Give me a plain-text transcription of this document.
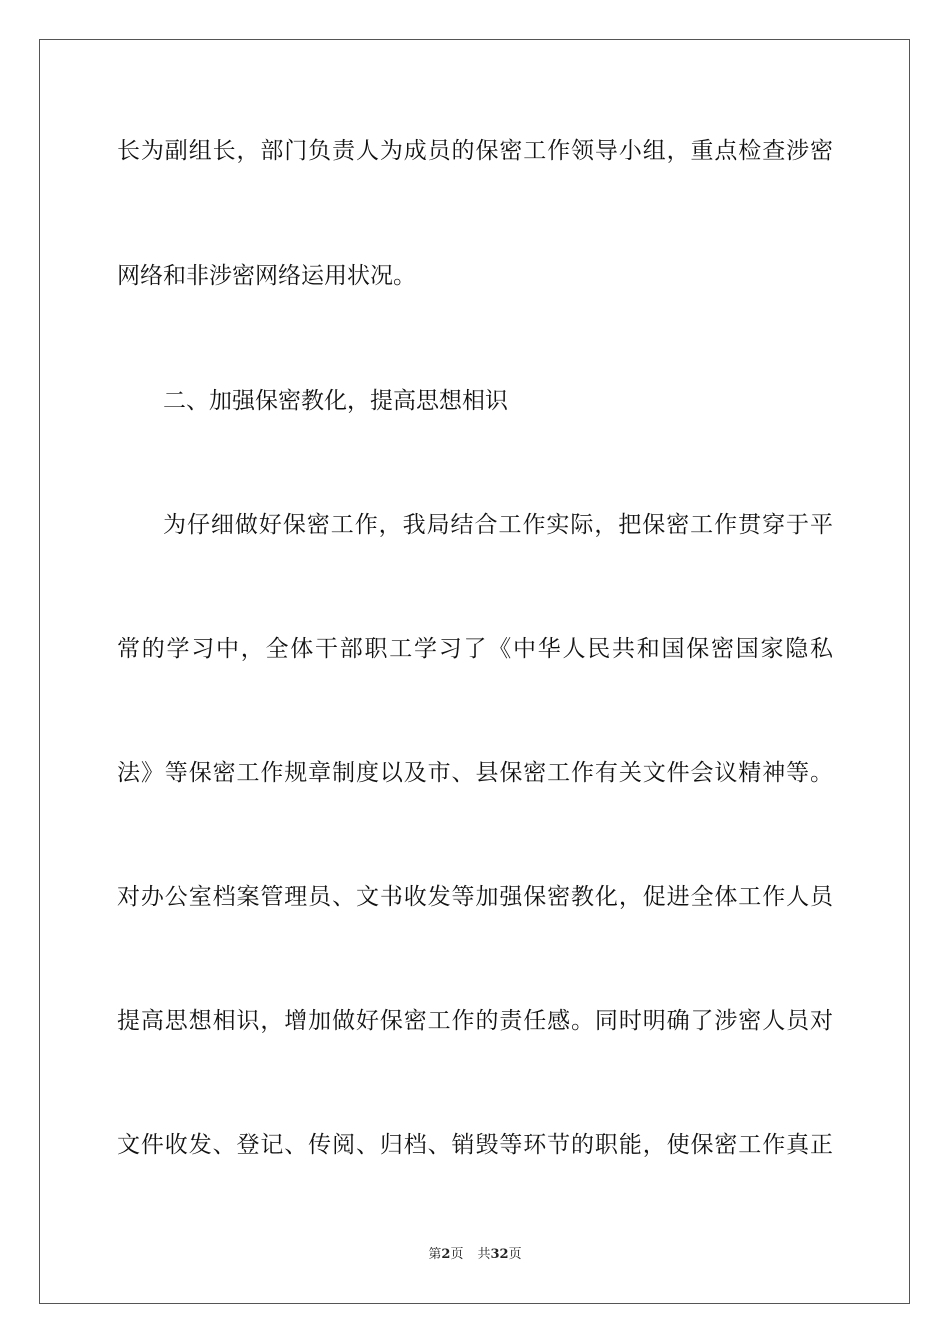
长为副组长，部门负责人为成员的保密工作领导小组，重点检查涉密
网络和非涉密网络运用状况。
二、加强保密教化，提高思想相识
为仔细做好保密工作，我局结合工作实际，把保密工作贯穿于平
常的学习中，全体干部职工学习了《中华人民共和国保密国家隐私
法》等保密工作规章制度以及市、县保密工作有关文件会议精神等。
对办公室档案管理员、文书收发等加强保密教化，促进全体工作人员
提高思想相识，增加做好保密工作的责任感。同时明确了涉密人员对
文件收发、登记、传阅、归档、销毁等环节的职能，使保密工作真正
第2页 共32页
